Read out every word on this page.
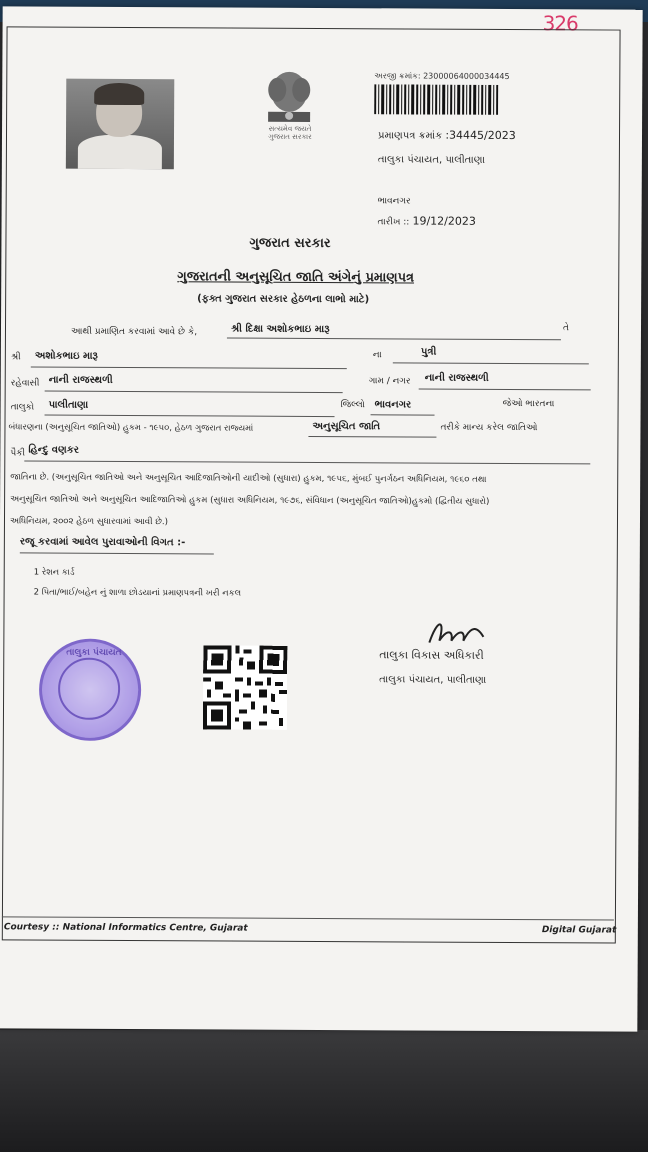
326
સત્યમેવ જયતે
ગુજરાત સરકાર
અરજી ક્રમાંક: 23000064000034445
પ્રમાણપત્ર ક્રમાંક :34445/2023
તાલુકા પંચાયત, પાલીતાણા
ભાવનગર
તારીખ :: 19/12/2023
ગુજરાત સરકાર
ગુજરાતની અનુસૂચિત જાતિ અંગેનું પ્રમાણપત્ર
(ફક્ત ગુજરાત સરકાર હેઠળના લાભો માટે)
આથી પ્રમાણિત કરવામાં આવે છે કે,	શ્રી દિક્ષા અશોકભાઇ મારૂ	તે
શ્રી અશોકભાઇ મારૂ	ના	પુત્રી
રહેવાસી નાની રાજસ્થળી	ગામ / નગર નાની રાજસ્થળી
તાલુકો પાલીતાણા	જિલ્લો ભાવનગર	જેઓ ભારતના
બંધારણના (અનુસૂચિત જાતિઓ) હુકમ - ૧૯૫૦, હેઠળ ગુજરાત રાજ્યમાં	અનુસૂચિત જાતિ	તરીકે માન્ય કરેલ જાતિઓ
પૈકી હિન્દુ વણકર
જાતિના છે. (અનુસૂચિત જાતિઓ અને અનુસૂચિત આદિજાતિઓની યાદીઓ (સુધારા) હુકમ, ૧૯૫૬, મુંબઈ પુનર્ગઠન અધિનિયમ, ૧૯૬૦ તથા
અનુસૂચિત જાતિઓ અને અનુસૂચિત આદિજાતિઓ હુકમ (સુધારા અધિનિયમ, ૧૯૭૬, સંવિધાન (અનુસૂચિત જાતિઓ)હુકમો (દ્વિતીય સુધારો)
અધિનિયમ, ૨૦૦૨ હેઠળ સુધારવામાં આવી છે.)
રજૂ કરવામાં આવેલ પુરાવાઓની વિગત :-
1 રેશન કાર્ડ
2 પિતા/ભાઈ/બહેન નું શાળા છોડયાનાં પ્રમાણપત્રની ખરી નકલ
તાલુકા વિકાસ અધિકારી
તાલુકા પંચાયત, પાલીતાણા
તાલુકા પંચાયત
Courtesy :: National Informatics Centre, Gujarat	Digital Gujarat
